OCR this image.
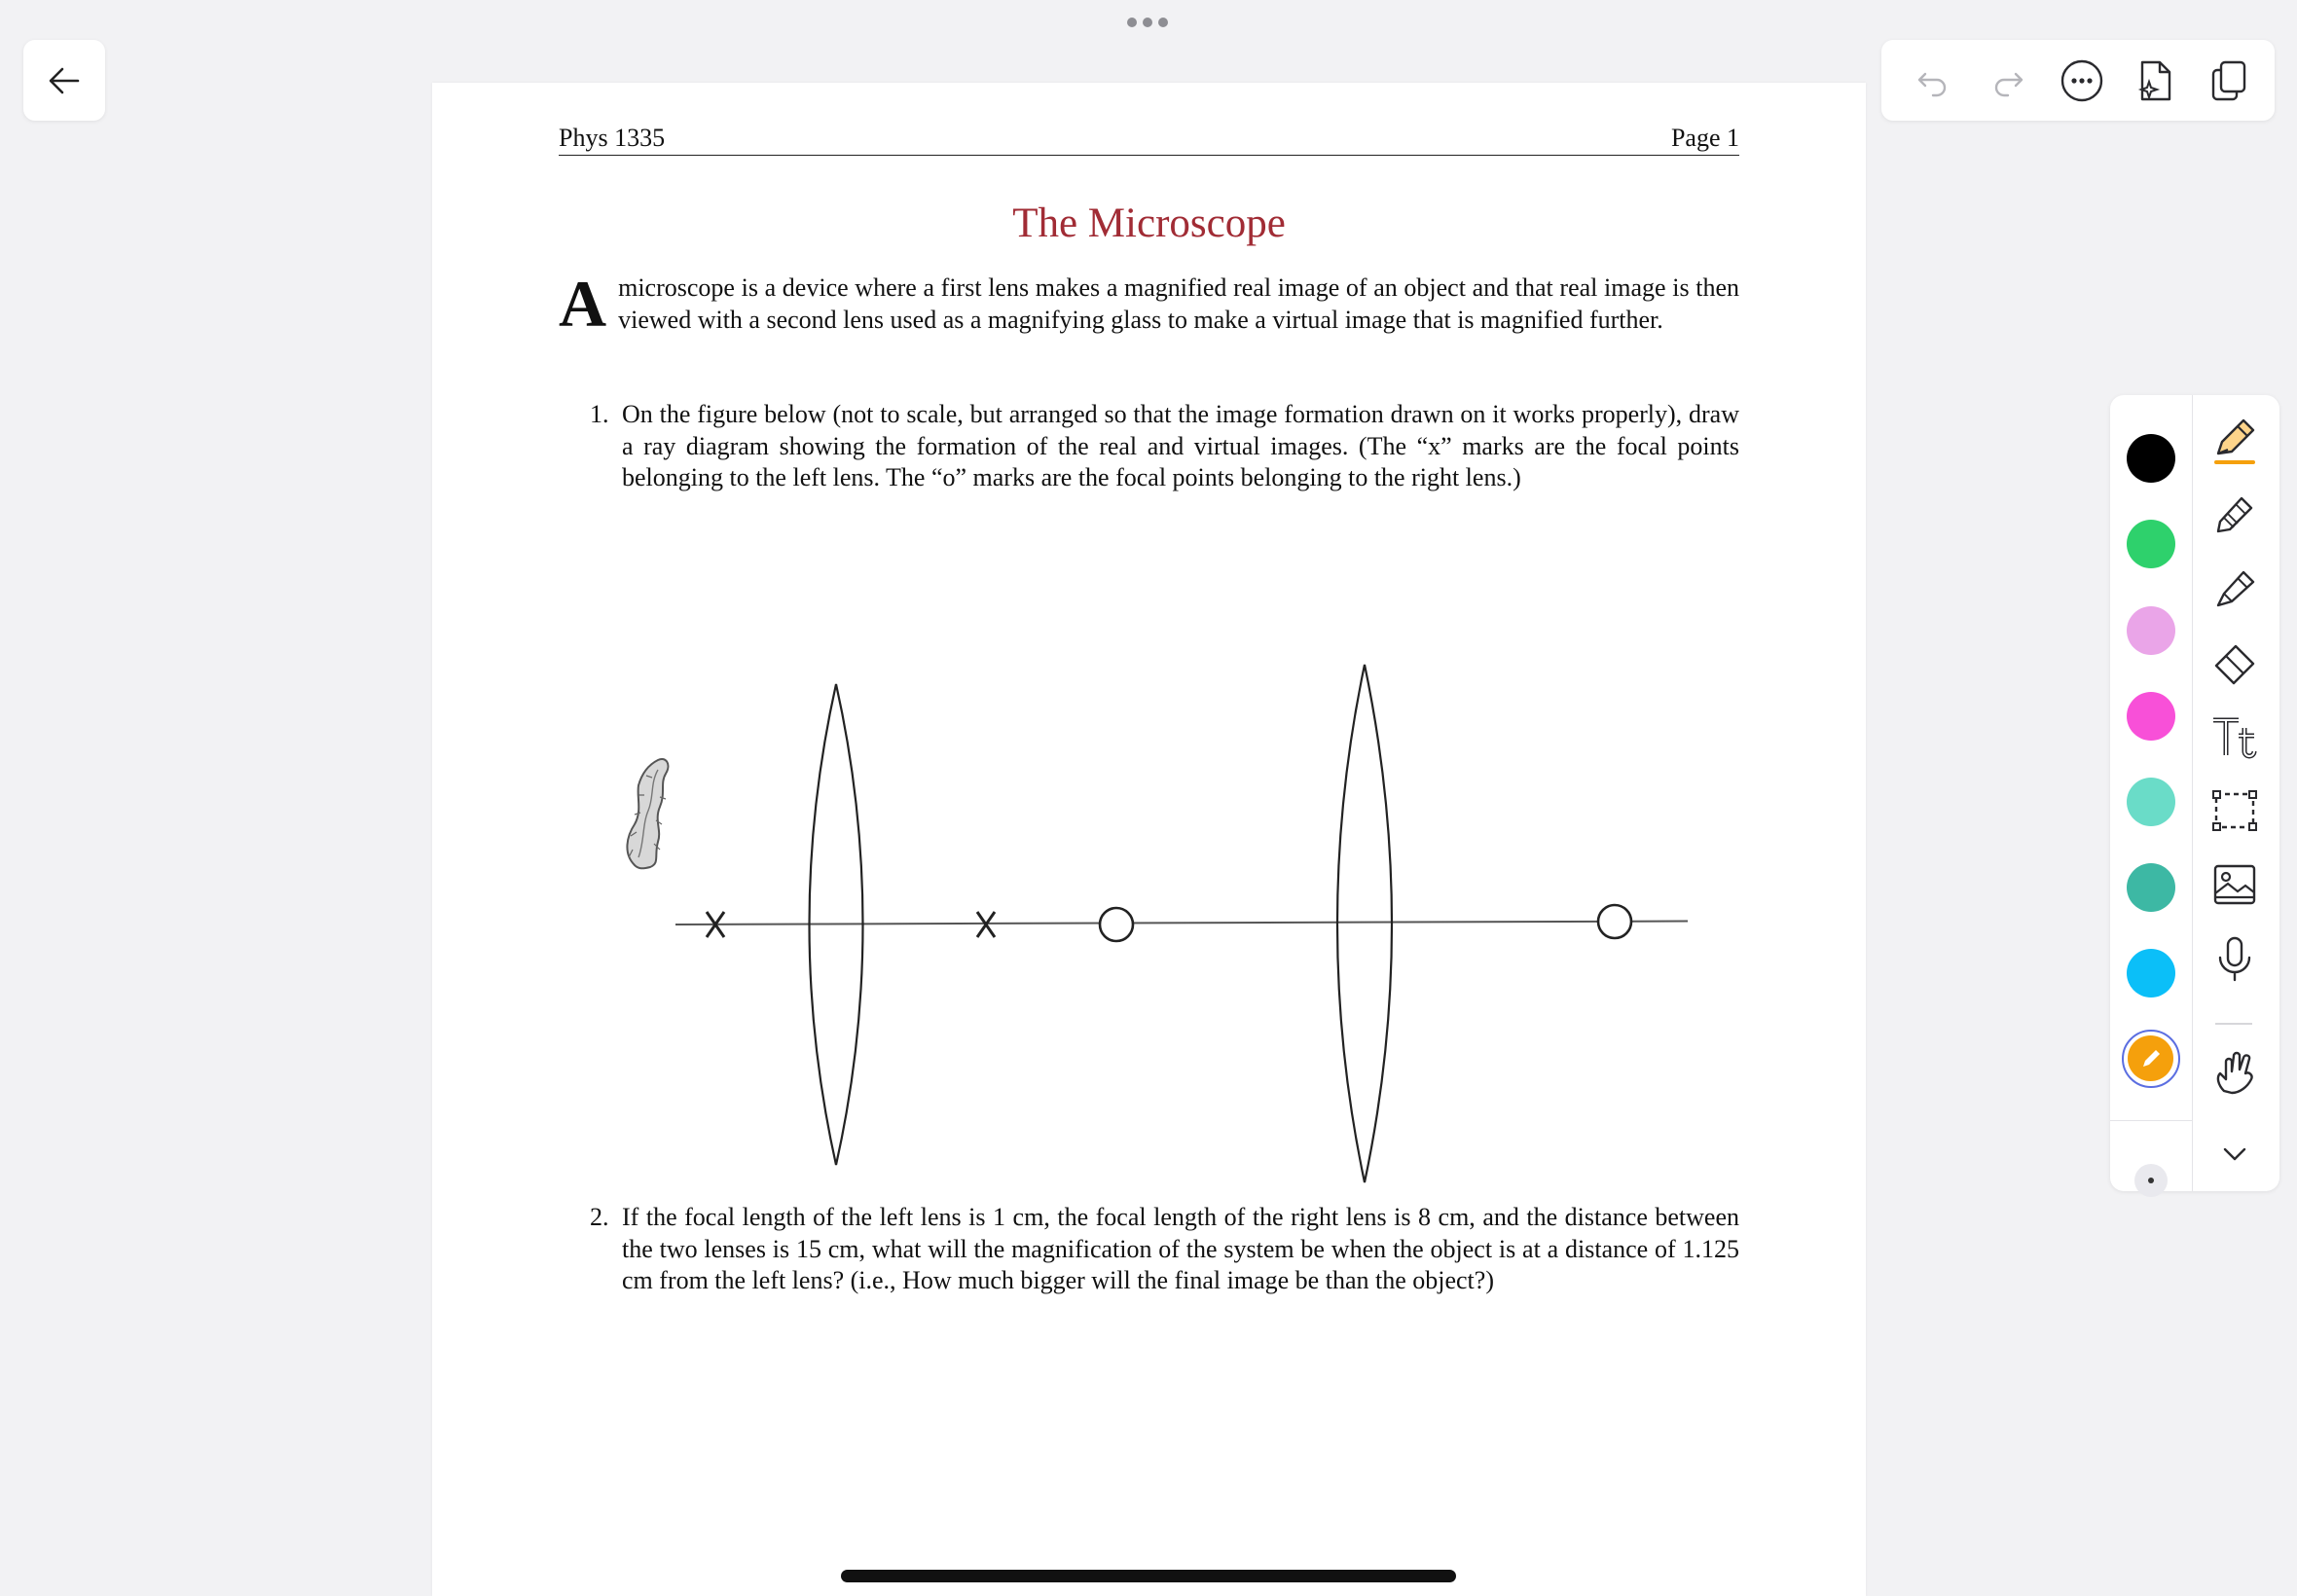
Phys 1335	Page 1
The Microscope
A microscope is a device where a first lens makes a magnified real image of an object and that real image is then viewed with a second lens used as a magnifying glass to make a virtual image that is magnified further.
1. On the figure below (not to scale, but arranged so that the image formation drawn on it works properly), draw a ray diagram showing the formation of the real and virtual images. (The “x” marks are the focal points belonging to the left lens. The “o” marks are the focal points belonging to the right lens.)
2. If the focal length of the left lens is 1 cm, the focal length of the right lens is 8 cm, and the distance between the two lenses is 15 cm, what will the magnification of the system be when the object is at a distance of 1.125 cm from the left lens? (i.e., How much bigger will the final image be than the object?)
